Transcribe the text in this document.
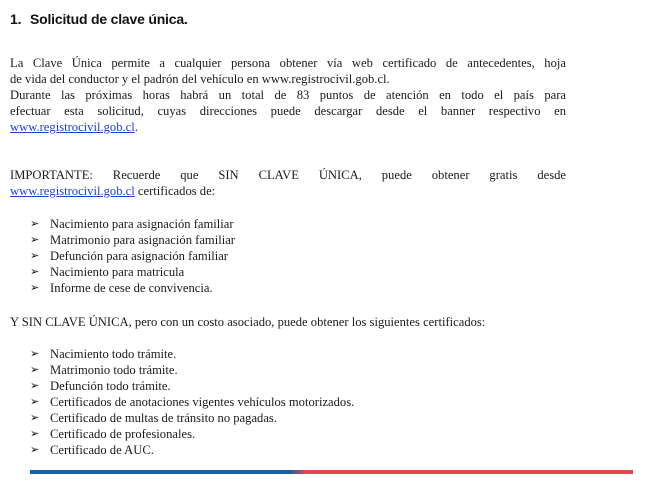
1. Solicitud de clave única.
La Clave Única permite a cualquier persona obtener vía web certificado de antecedentes, hoja
de vida del conductor y el padrón del vehículo en www.registrocivil.gob.cl.
Durante las próximas horas habrá un total de 83 puntos de atención en todo el país para
efectuar esta solicitud, cuyas direcciones puede descargar desde el banner respectivo en
www.registrocivil.gob.cl.
IMPORTANTE: Recuerde que SIN CLAVE ÚNICA, puede obtener gratis desde
www.registrocivil.gob.cl certificados de:
➢ Nacimiento para asignación familiar
➢ Matrimonio para asignación familiar
➢ Defunción para asignación familiar
➢ Nacimiento para matricula
➢ Informe de cese de convivencia.
Y SIN CLAVE ÚNICA, pero con un costo asociado, puede obtener los siguientes certificados:
➢ Nacimiento todo trámite.
➢ Matrimonio todo trámite.
➢ Defunción todo trámite.
➢ Certificados de anotaciones vigentes vehículos motorizados.
➢ Certificado de multas de tránsito no pagadas.
➢ Certificado de profesionales.
➢ Certificado de AUC.
